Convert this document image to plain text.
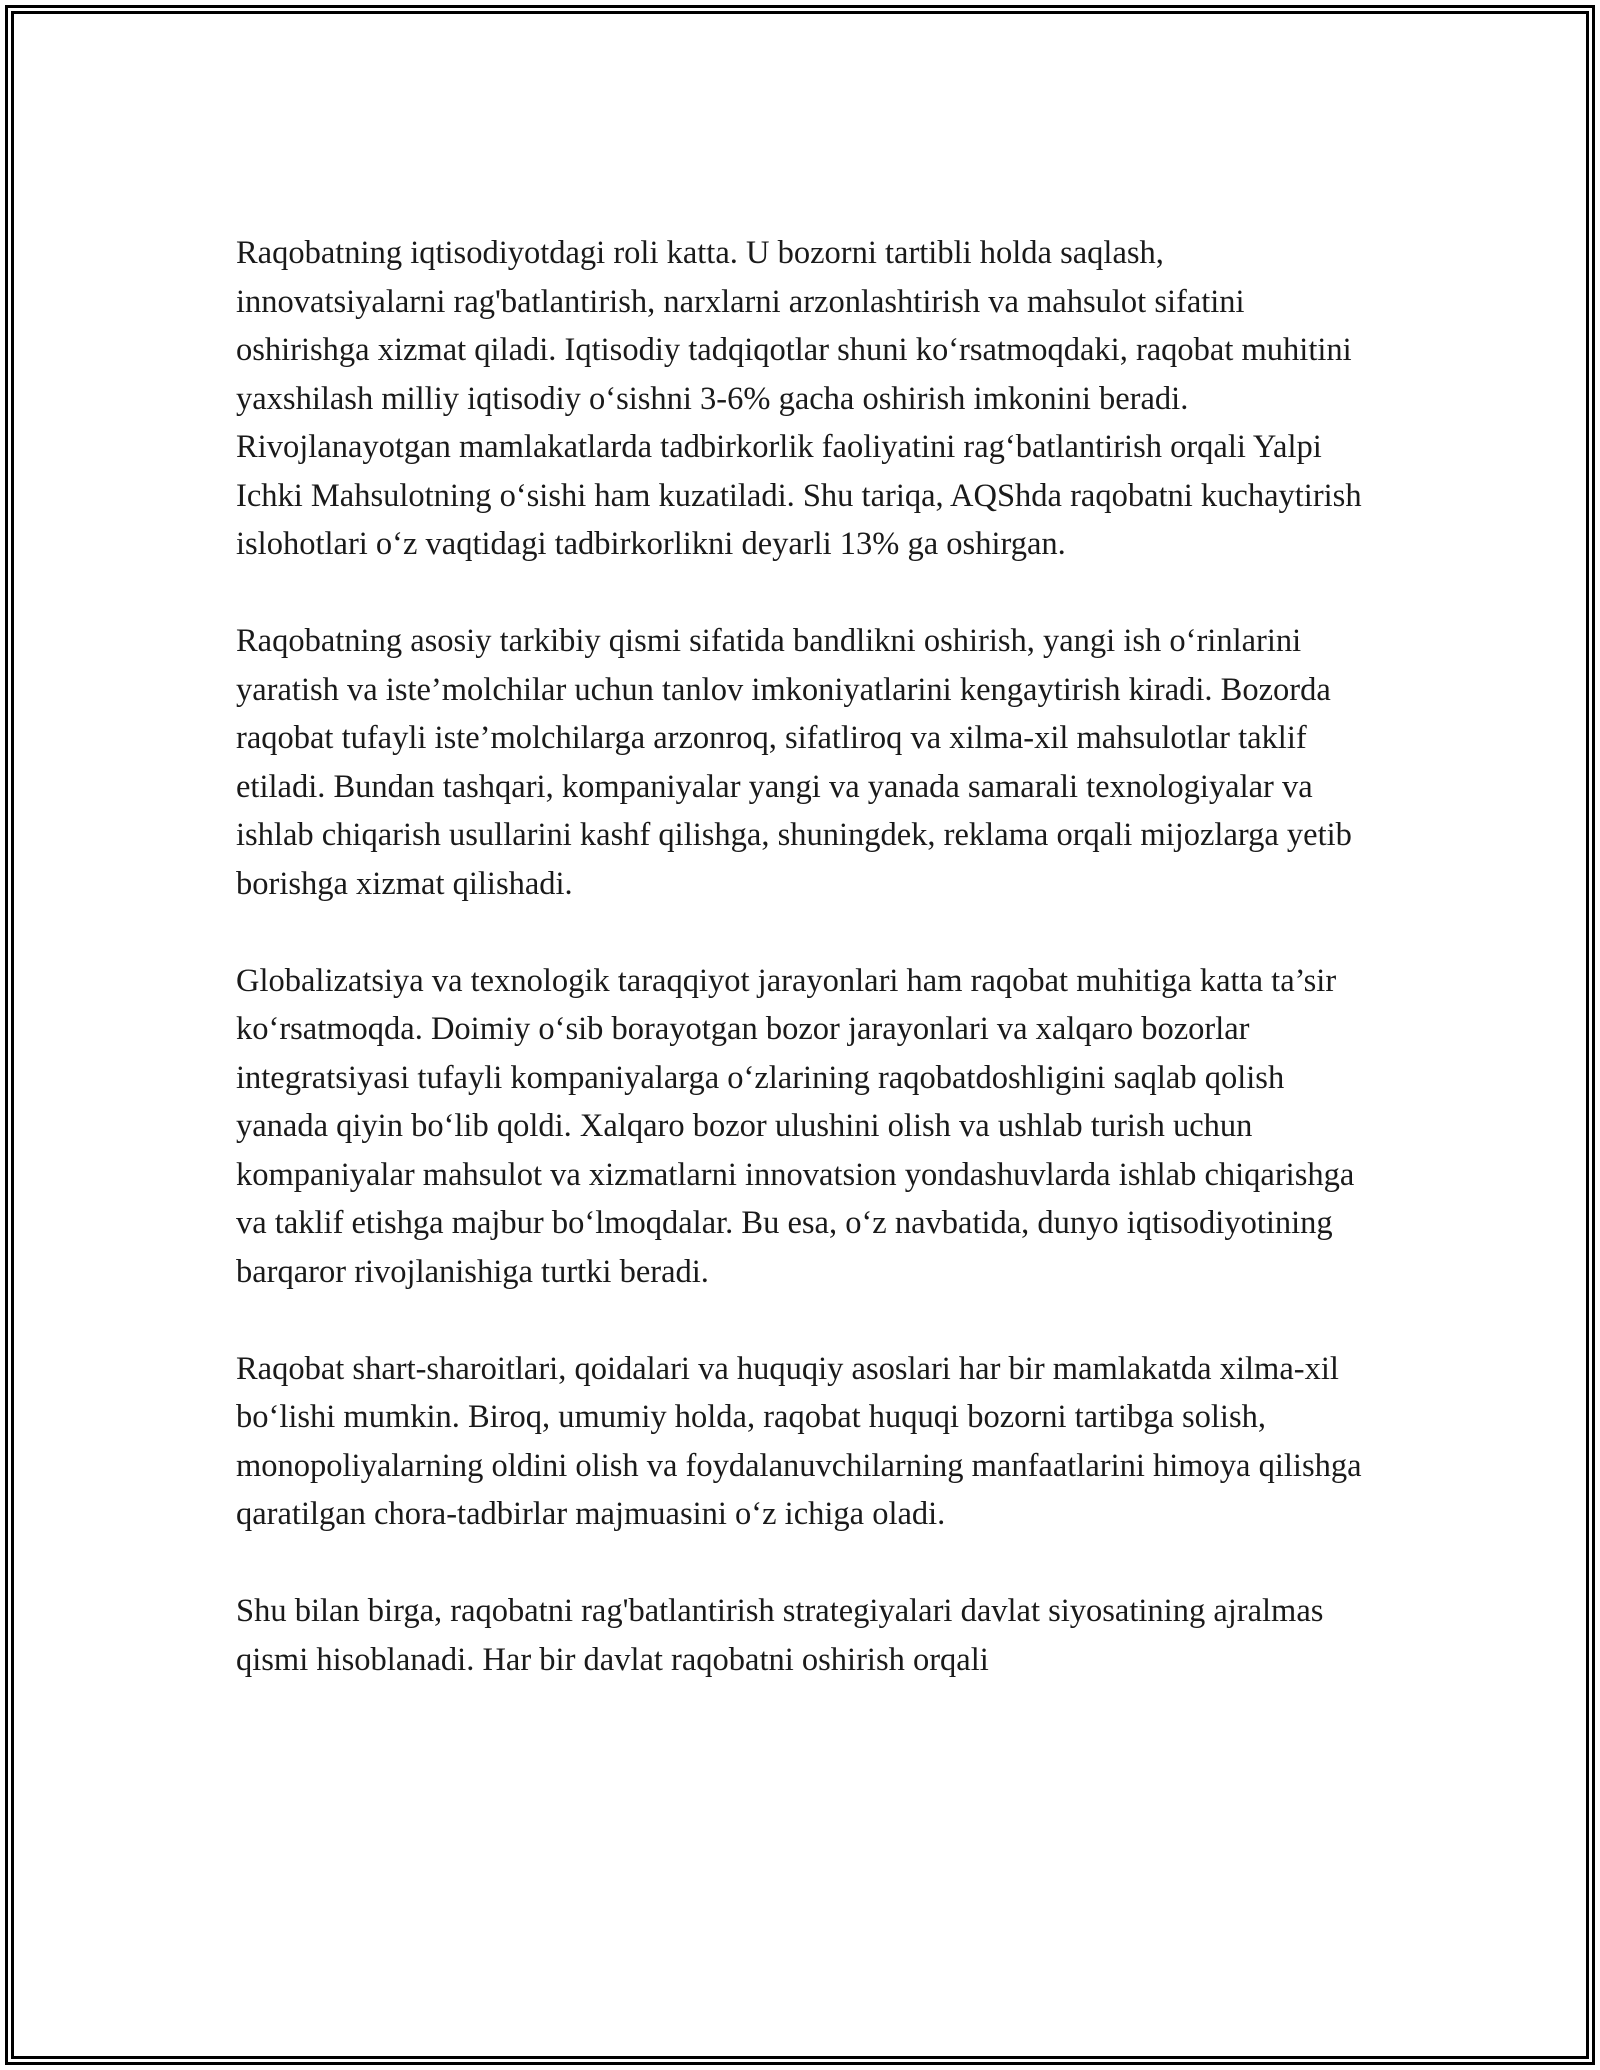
Raqobatning iqtisodiyotdagi roli katta. U bozorni tartibli holda saqlash, innovatsiyalarni rag'batlantirish, narxlarni arzonlashtirish va mahsulot sifatini oshirishga xizmat qiladi. Iqtisodiy tadqiqotlar shuni ko‘rsatmoqdaki, raqobat muhitini yaxshilash milliy iqtisodiy o‘sishni 3-6% gacha oshirish imkonini beradi. Rivojlanayotgan mamlakatlarda tadbirkorlik faoliyatini rag‘batlantirish orqali Yalpi Ichki Mahsulotning o‘sishi ham kuzatiladi. Shu tariqa, AQShda raqobatni kuchaytirish islohotlari o‘z vaqtidagi tadbirkorlikni deyarli 13% ga oshirgan.

Raqobatning asosiy tarkibiy qismi sifatida bandlikni oshirish, yangi ish o‘rinlarini yaratish va iste’molchilar uchun tanlov imkoniyatlarini kengaytirish kiradi. Bozorda raqobat tufayli iste’molchilarga arzonroq, sifatliroq va xilma-xil mahsulotlar taklif etiladi. Bundan tashqari, kompaniyalar yangi va yanada samarali texnologiyalar va ishlab chiqarish usullarini kashf qilishga, shuningdek, reklama orqali mijozlarga yetib borishga xizmat qilishadi.

Globalizatsiya va texnologik taraqqiyot jarayonlari ham raqobat muhitiga katta ta’sir ko‘rsatmoqda. Doimiy o‘sib borayotgan bozor jarayonlari va xalqaro bozorlar integratsiyasi tufayli kompaniyalarga o‘zlarining raqobatdoshligini saqlab qolish yanada qiyin bo‘lib qoldi. Xalqaro bozor ulushini olish va ushlab turish uchun kompaniyalar mahsulot va xizmatlarni innovatsion yondashuvlarda ishlab chiqarishga va taklif etishga majbur bo‘lmoqdalar. Bu esa, o‘z navbatida, dunyo iqtisodiyotining barqaror rivojlanishiga turtki beradi.

Raqobat shart-sharoitlari, qoidalari va huquqiy asoslari har bir mamlakatda xilma-xil bo‘lishi mumkin. Biroq, umumiy holda, raqobat huquqi bozorni tartibga solish, monopoliyalarning oldini olish va foydalanuvchilarning manfaatlarini himoya qilishga qaratilgan chora-tadbirlar majmuasini o‘z ichiga oladi.

Shu bilan birga, raqobatni rag'batlantirish strategiyalari davlat siyosatining ajralmas qismi hisoblanadi. Har bir davlat raqobatni oshirish orqali
